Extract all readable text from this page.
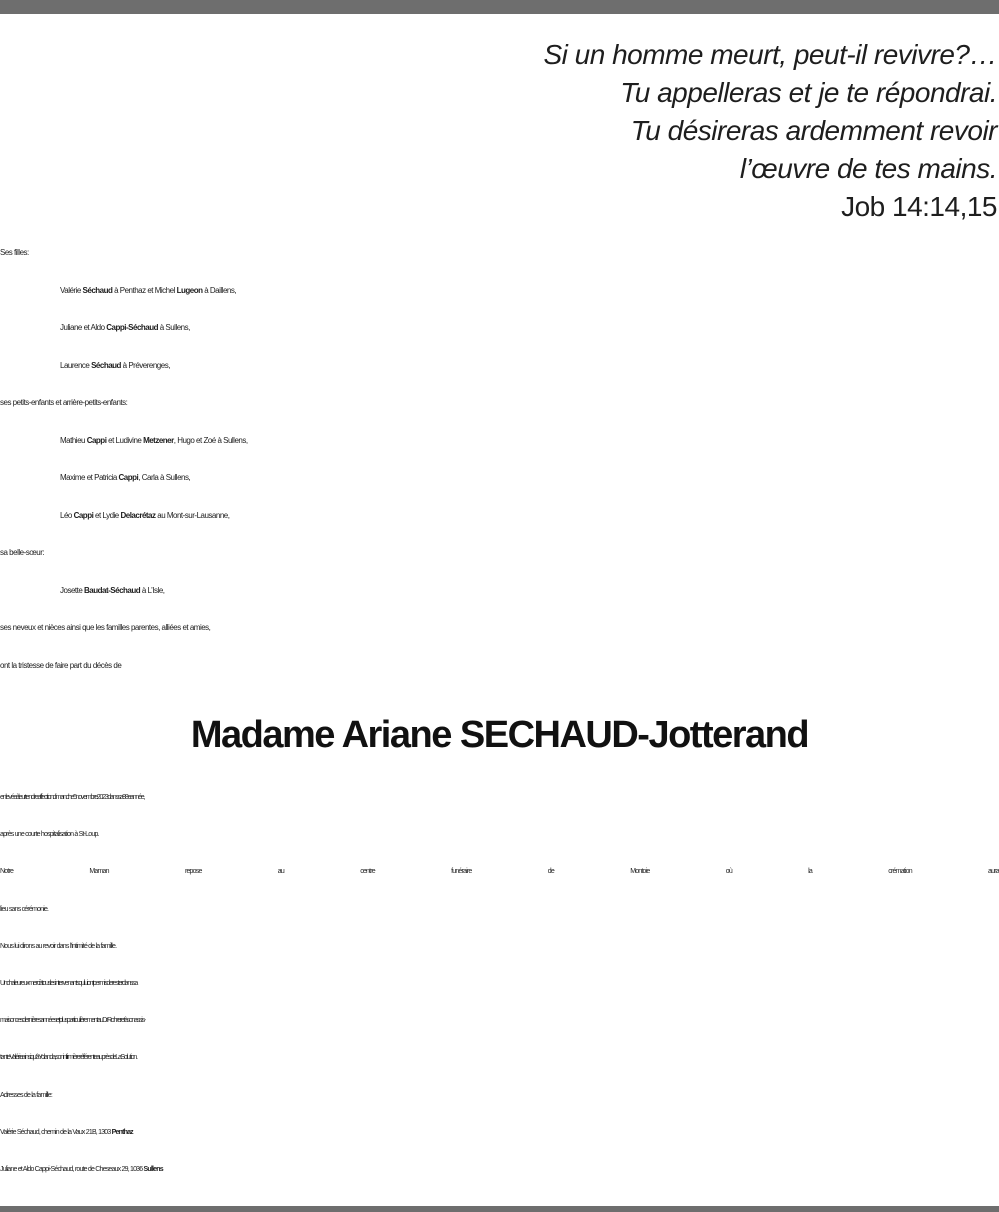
Si un homme meurt, peut-il revivre?…
Tu appelleras et je te répondrai.
Tu désireras ardemment revoir
l’œuvre de tes mains.
Job 14:14,15
Ses filles:
Valérie Séchaud à Penthaz et Michel Lugeon à Daillens,
Juliane et Aldo Cappi-Séchaud à Sullens,
Laurence Séchaud à Préverenges,
ses petits-enfants et arrière-petits-enfants:
Mathieu Cappi et Ludivine Metzener, Hugo et Zoé à Sullens,
Maxime et Patricia Cappi, Carla à Sullens,
Léo Cappi et Lydie Delacrétaz au Mont-sur-Lausanne,
sa belle-sœur:
Josette Baudat-Séchaud à L’Isle,
ses neveux et nièces ainsi que les familles parentes, alliées et amies,
ont la tristesse de faire part du décès de
Madame Ariane SECHAUD-Jotterand
enlevée à leur tendre affection dimanche 5 novembre 2023 dans sa 88e année,
après une courte hospitalisation à St-Loup.
Notre	Maman	repose	au	centre	funéraire	de	Montoie	où	la	crémation	aura
lieu sans cérémonie.
Nous lui dirons au revoir dans l’intimité de la famille.
Un chaleureux merci à tous les intervenants qui lui ont permis de rester dans sa
maison ces dernières années et plus particulièrement au Dr Rohrer et à son assis-
tante Valérie ainsi qu’à Yolanda, son infirmière référente auprès de La Solution.
Adresses de la famille:
Valérie Séchaud, chemin de la Vaux 21B, 1303 Penthaz
Juliane et Aldo Cappi-Séchaud, route de Cheseaux 29, 1036 Sullens
